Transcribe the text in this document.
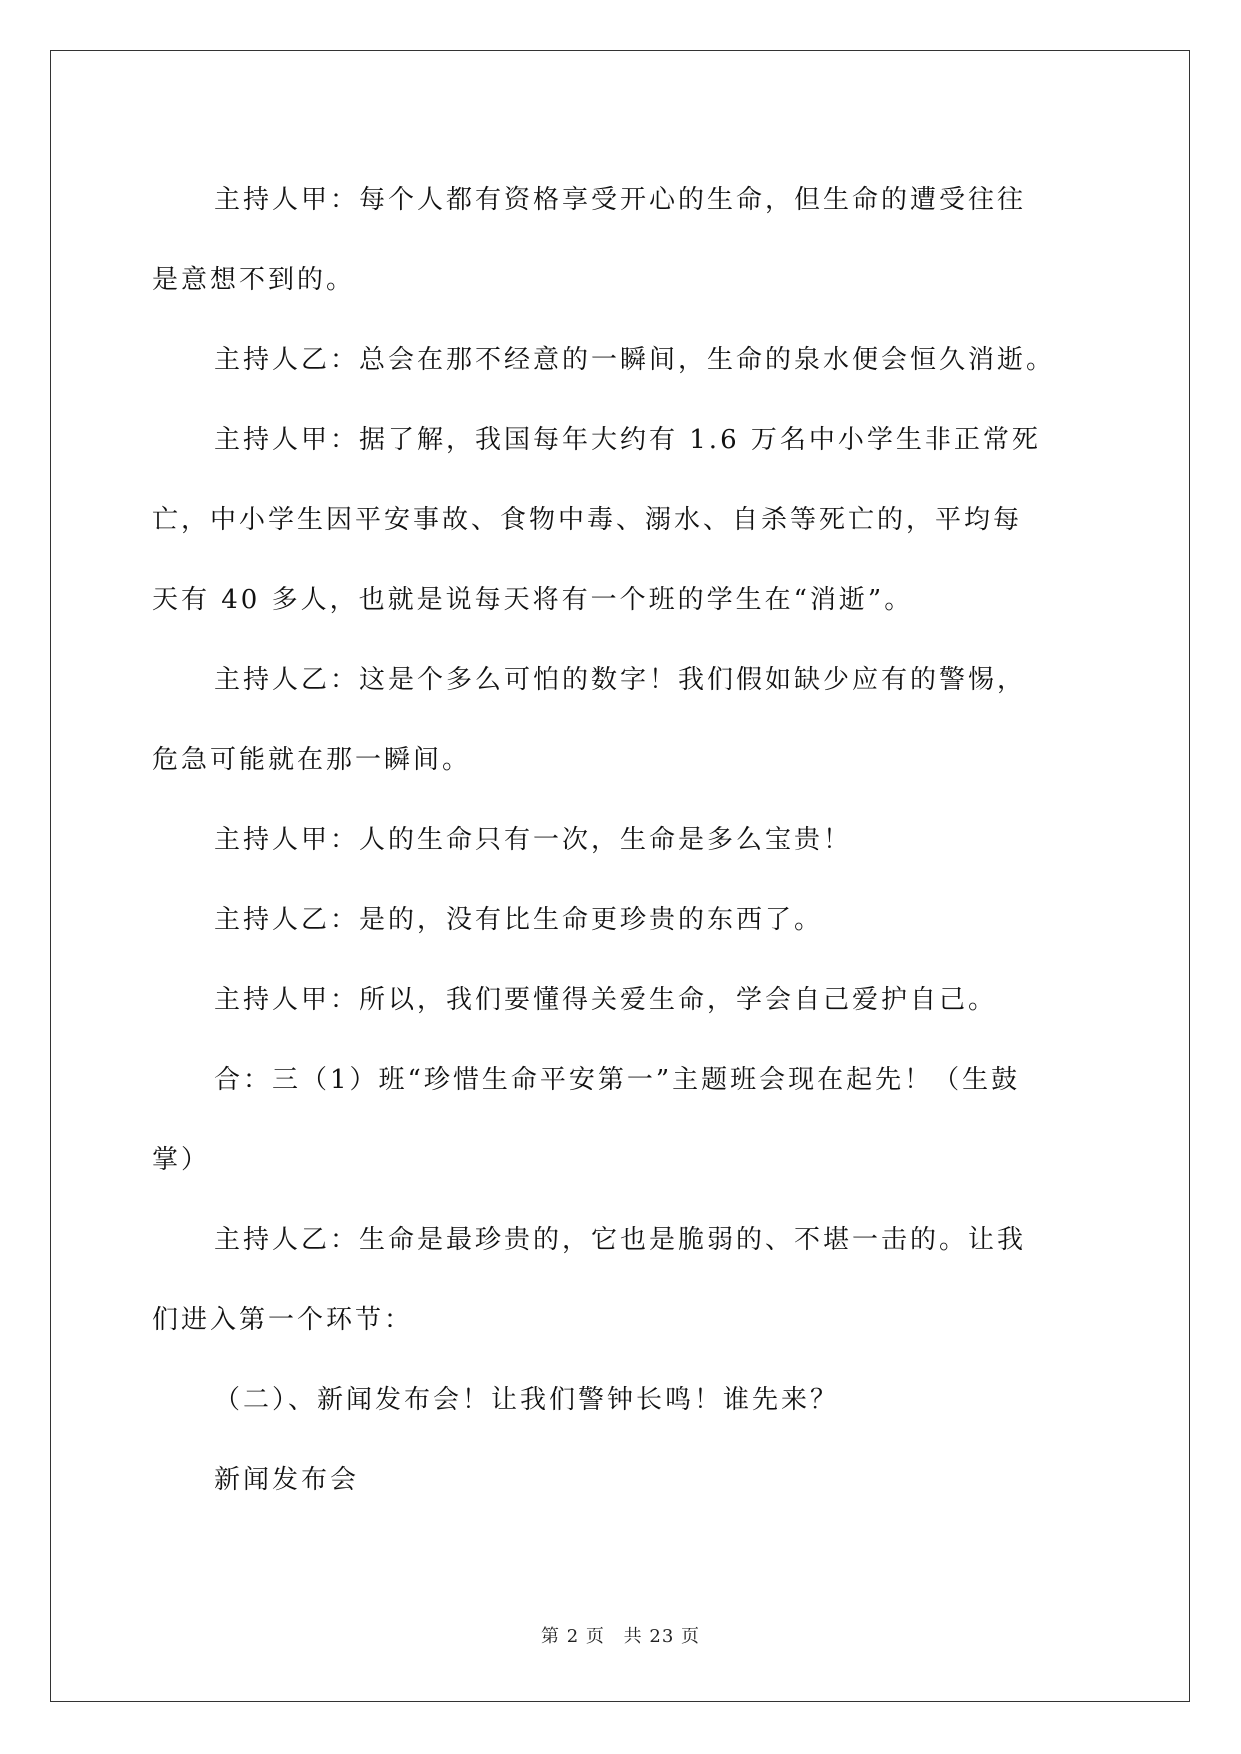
主持人甲：每个人都有资格享受开心的生命，但生命的遭受往往

是意想不到的。

主持人乙：总会在那不经意的一瞬间，生命的泉水便会恒久消逝。

主持人甲：据了解，我国每年大约有 1.6 万名中小学生非正常死

亡，中小学生因平安事故、食物中毒、溺水、自杀等死亡的，平均每

天有 40 多人，也就是说每天将有一个班的学生在“消逝”。

主持人乙：这是个多么可怕的数字！我们假如缺少应有的警惕，

危急可能就在那一瞬间。

主持人甲：人的生命只有一次，生命是多么宝贵！

主持人乙：是的，没有比生命更珍贵的东西了。

主持人甲：所以，我们要懂得关爱生命，学会自己爱护自己。

合：三（1）班“珍惜生命平安第一”主题班会现在起先！（生鼓

掌）

主持人乙：生命是最珍贵的，它也是脆弱的、不堪一击的。让我

们进入第一个环节：

（二）、新闻发布会！让我们警钟长鸣！谁先来？

新闻发布会

第 2 页 共 23 页
